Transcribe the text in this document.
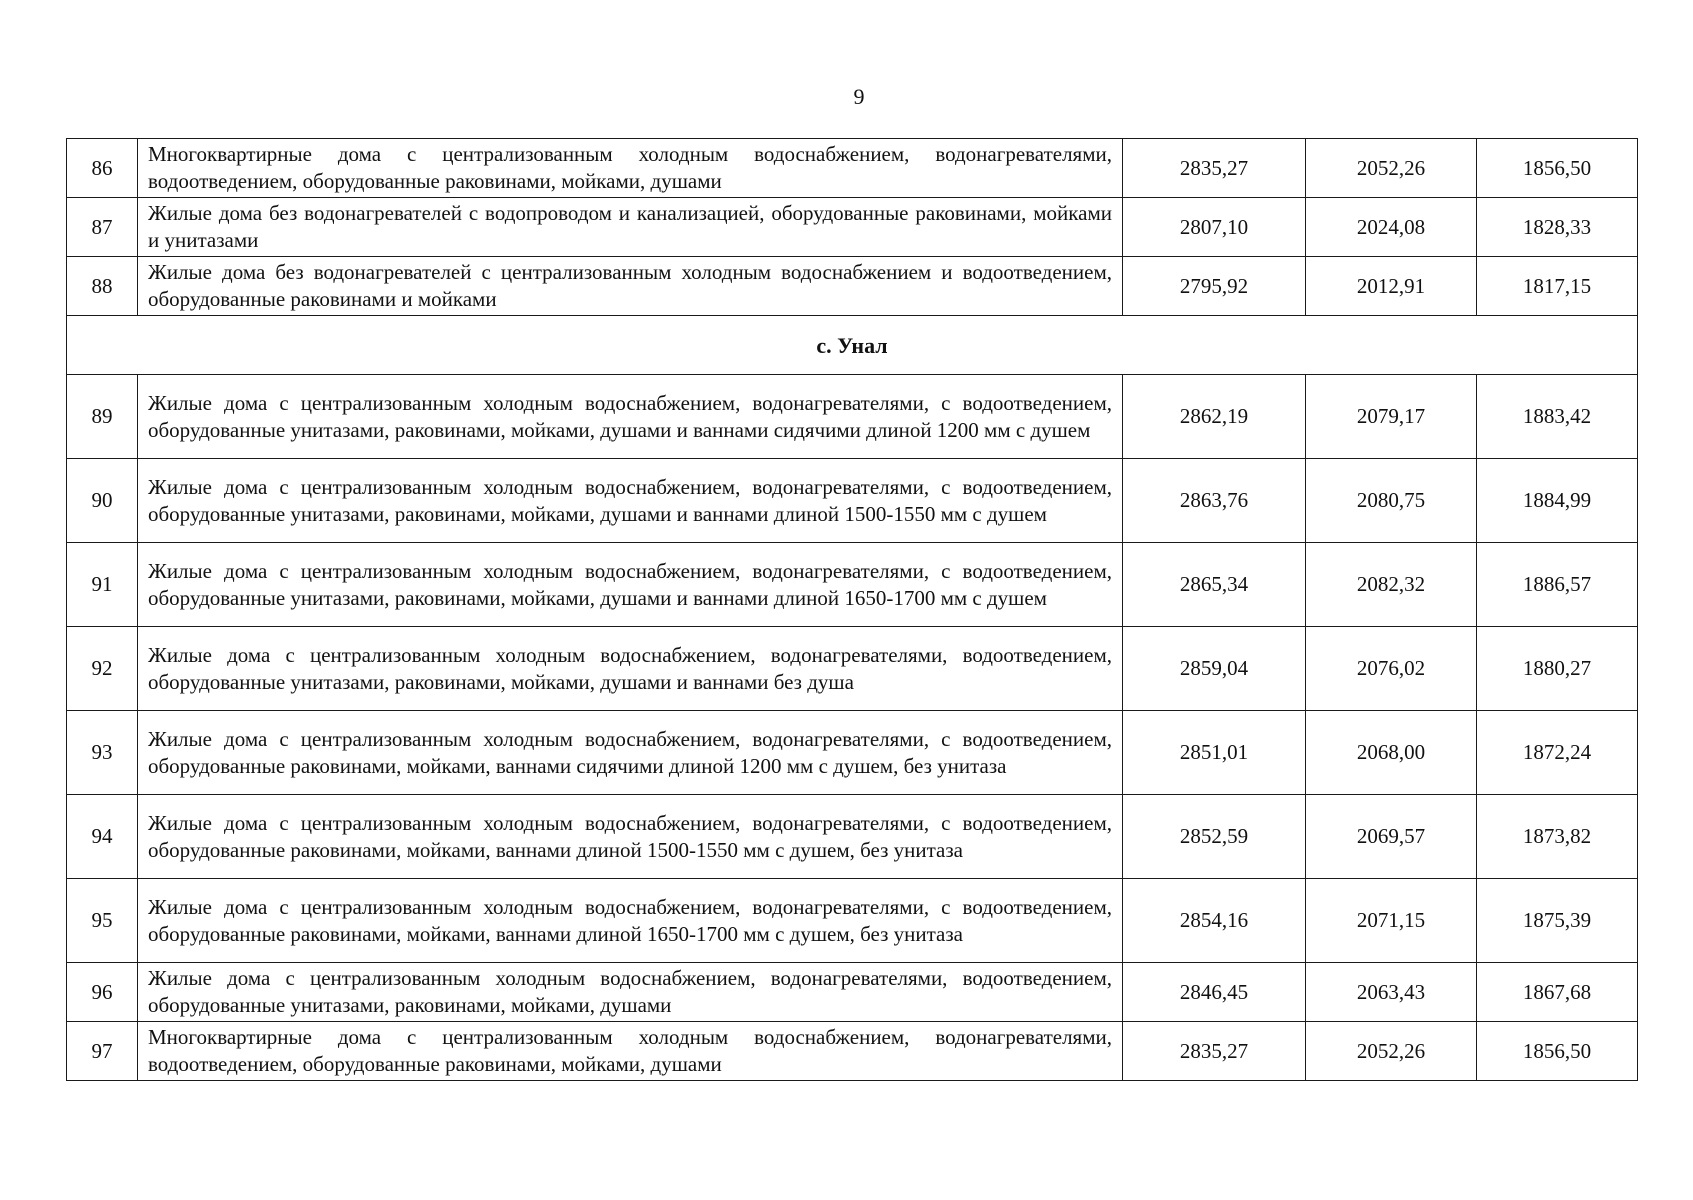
9
86	Многоквартирные дома с централизованным холодным водоснабжением, водонагревателями, водоотведением, оборудованные раковинами, мойками, душами	2835,27	2052,26	1856,50
87	Жилые дома без водонагревателей с водопроводом и канализацией, оборудованные раковинами, мойками и унитазами	2807,10	2024,08	1828,33
88	Жилые дома без водонагревателей с централизованным холодным водоснабжением и водоотведением, оборудованные раковинами и мойками	2795,92	2012,91	1817,15
с. Унал				
89	Жилые дома с централизованным холодным водоснабжением, водонагревателями, с водоотведением, оборудованные унитазами, раковинами, мойками, душами и ваннами сидячими длиной 1200 мм с душем	2862,19	2079,17	1883,42
90	Жилые дома с централизованным холодным водоснабжением, водонагревателями, с водоотведением, оборудованные унитазами, раковинами, мойками, душами и ваннами длиной 1500-1550 мм с душем	2863,76	2080,75	1884,99
91	Жилые дома с централизованным холодным водоснабжением, водонагревателями, с водоотведением, оборудованные унитазами, раковинами, мойками, душами и ваннами длиной 1650-1700 мм с душем	2865,34	2082,32	1886,57
92	Жилые дома с централизованным холодным водоснабжением, водонагревателями, водоотведением, оборудованные унитазами, раковинами, мойками, душами и ваннами без душа	2859,04	2076,02	1880,27
93	Жилые дома с централизованным холодным водоснабжением, водонагревателями, с водоотведением, оборудованные раковинами, мойками, ваннами сидячими длиной 1200 мм с душем, без унитаза	2851,01	2068,00	1872,24
94	Жилые дома с централизованным холодным водоснабжением, водонагревателями, с водоотведением, оборудованные раковинами, мойками, ваннами длиной 1500-1550 мм с душем, без унитаза	2852,59	2069,57	1873,82
95	Жилые дома с централизованным холодным водоснабжением, водонагревателями, с водоотведением, оборудованные раковинами, мойками, ваннами длиной 1650-1700 мм с душем, без унитаза	2854,16	2071,15	1875,39
96	Жилые дома с централизованным холодным водоснабжением, водонагревателями, водоотведением, оборудованные унитазами, раковинами, мойками, душами	2846,45	2063,43	1867,68
97	Многоквартирные дома с централизованным холодным водоснабжением, водонагревателями, водоотведением, оборудованные раковинами, мойками, душами	2835,27	2052,26	1856,50
